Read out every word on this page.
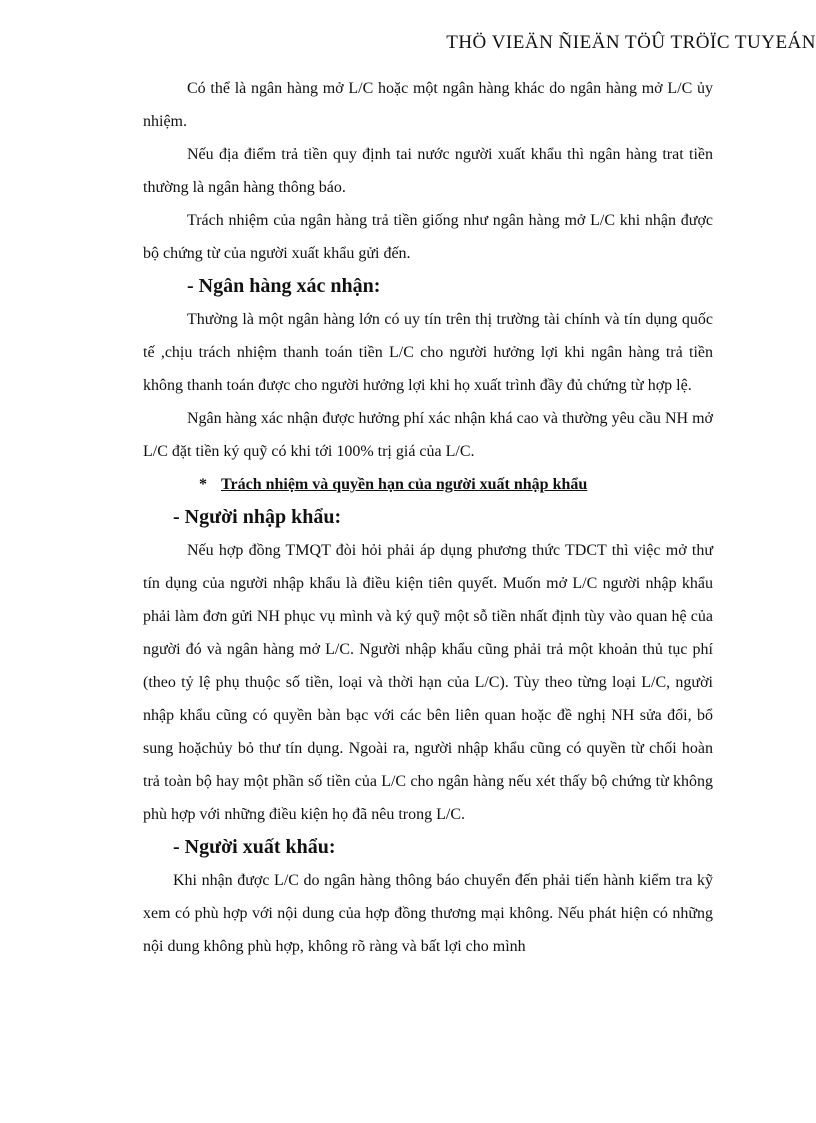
THÖ VIEÄN ÑIEÄN TÖÛ TRÖÏC TUYEÁN

Có thể là ngân hàng mở L/C hoặc một ngân hàng khác do ngân hàng mở L/C ủy nhiệm.

Nếu địa điểm trả tiền quy định tai nước người xuất khẩu thì ngân hàng trat tiền thường là ngân hàng thông báo.

Trách nhiệm của ngân hàng trả tiền giống như ngân hàng mở L/C khi nhận được bộ chứng từ của người xuất khẩu gửi đến.

- Ngân hàng xác nhận:

Thường là một ngân hàng lớn có uy tín trên thị trường tài chính và tín dụng quốc tế ,chịu trách nhiệm thanh toán tiền L/C cho người hưởng lợi khi ngân hàng trả tiền không thanh toán được cho người hưởng lợi khi họ xuất trình đầy đủ chứng từ hợp lệ.

Ngân hàng xác nhận được hưởng phí xác nhận khá cao và thường yêu cầu NH mở L/C đặt tiền ký quỹ có khi tới 100% trị giá của L/C.

* Trách nhiệm và quyền hạn của người xuất nhập khẩu

- Người nhập khẩu:

Nếu hợp đồng TMQT đòi hỏi phải áp dụng phương thức TDCT thì việc mở thư tín dụng của người nhập khẩu là điều kiện tiên quyết. Muốn mở L/C người nhập khẩu phải làm đơn gửi NH phục vụ mình và ký quỹ một sỗ tiền nhất định tùy vào quan hệ của người đó và ngân hàng mở L/C. Người nhập khẩu cũng phải trả một khoản thủ tục phí (theo tỷ lệ phụ thuộc số tiền, loại và thời hạn của L/C). Tùy theo từng loại L/C, người nhập khẩu cũng có quyền bàn bạc với các bên liên quan hoặc đề nghị NH sửa đổi, bổ sung hoặchủy bỏ thư tín dụng. Ngoài ra, người nhập khẩu cũng có quyền từ chối hoàn trả toàn bộ hay một phần số tiền của L/C cho ngân hàng nếu xét thấy bộ chứng từ không phù hợp với những điều kiện họ đã nêu trong L/C.

- Người xuất khẩu:

Khi nhận được L/C do ngân hàng thông báo chuyển đến phải tiến hành kiểm tra kỹ xem có phù hợp với nội dung của hợp đồng thương mại không. Nếu phát hiện có những nội dung không phù hợp, không rõ ràng và bất lợi cho mình
